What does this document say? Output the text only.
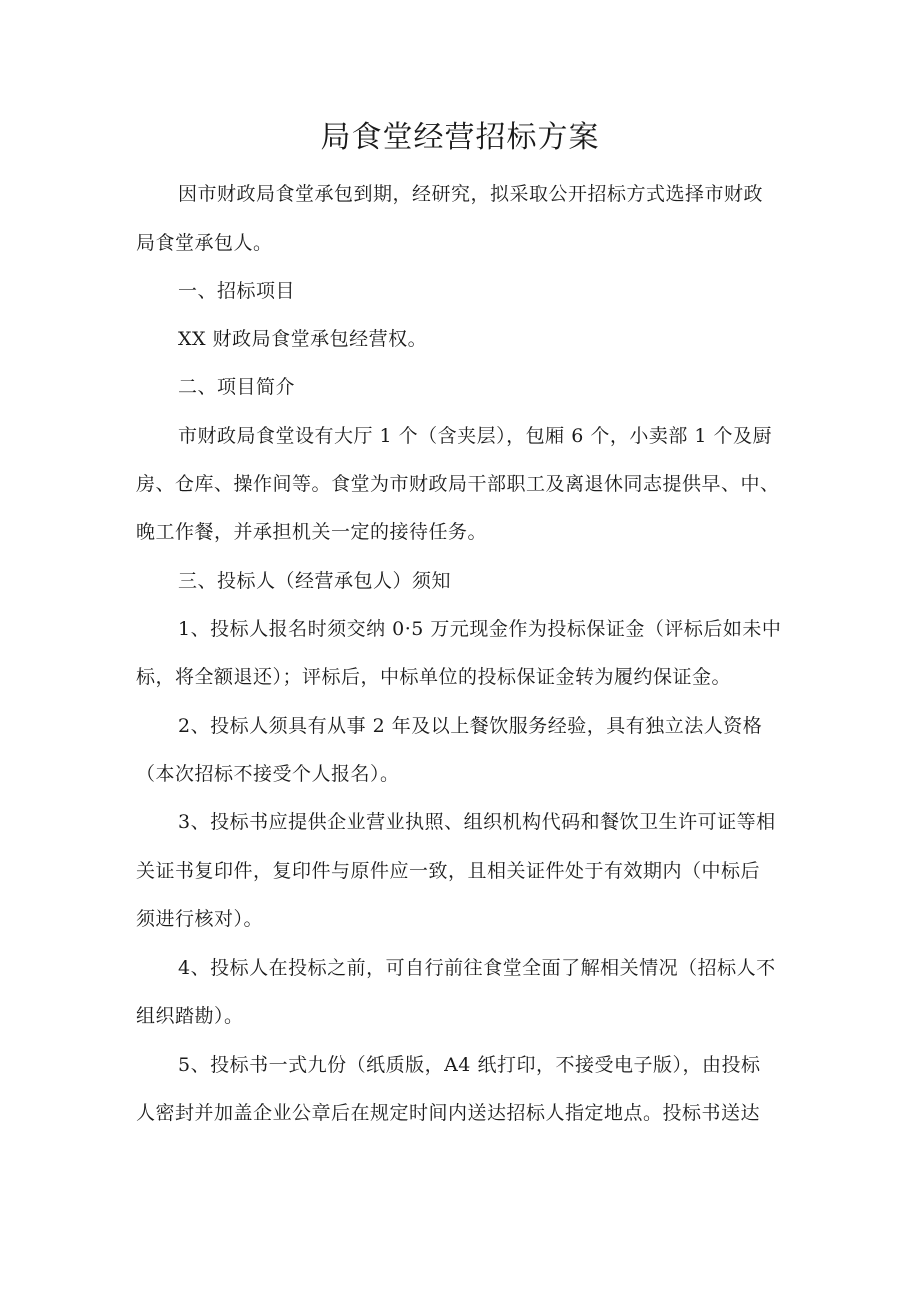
局食堂经营招标方案

因市财政局食堂承包到期，经研究，拟采取公开招标方式选择市财政

局食堂承包人。

一、招标项目

XX 财政局食堂承包经营权。

二、项目简介

市财政局食堂设有大厅 1 个（含夹层），包厢 6 个，小卖部 1 个及厨

房、仓库、操作间等。食堂为市财政局干部职工及离退休同志提供早、中、

晚工作餐，并承担机关一定的接待任务。

三、投标人（经营承包人）须知

1、投标人报名时须交纳 0·5 万元现金作为投标保证金（评标后如未中

标，将全额退还）；评标后，中标单位的投标保证金转为履约保证金。

2、投标人须具有从事 2 年及以上餐饮服务经验，具有独立法人资格

（本次招标不接受个人报名）。

3、投标书应提供企业营业执照、组织机构代码和餐饮卫生许可证等相

关证书复印件，复印件与原件应一致，且相关证件处于有效期内（中标后

须进行核对）。

4、投标人在投标之前，可自行前往食堂全面了解相关情况（招标人不

组织踏勘）。

5、投标书一式九份（纸质版，A4 纸打印，不接受电子版），由投标

人密封并加盖企业公章后在规定时间内送达招标人指定地点。投标书送达
